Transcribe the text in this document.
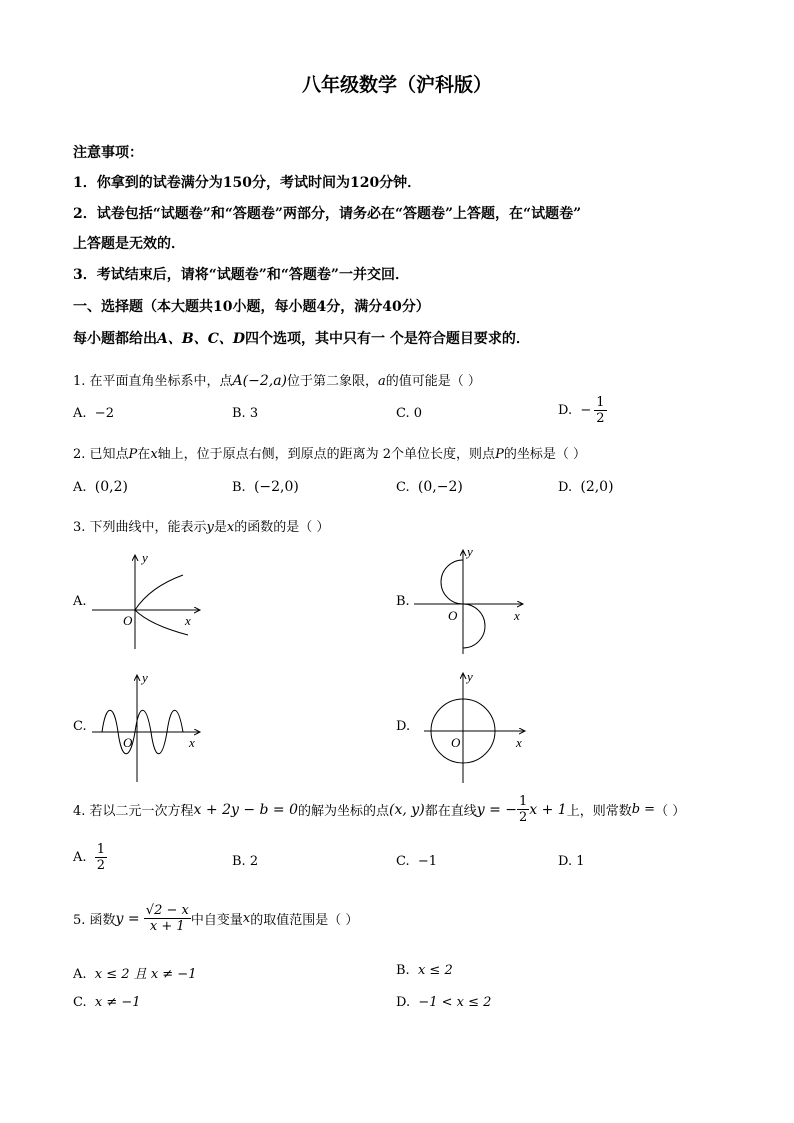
八年级数学（沪科版）
注意事项：
1．你拿到的试卷满分为150分，考试时间为120分钟．
2．试卷包括“试题卷”和“答题卷”两部分，请务必在“答题卷”上答题，在“试题卷”
上答题是无效的．
3．考试结束后，请将“试题卷”和“答题卷”一并交回．
一、选择题（本大题共10小题，每小题4分，满分40分）
每小题都给出A、B、C、D四个选项，其中只有一 个是符合题目要求的．
1. 在平面直角坐标系中，点A(−2,a)位于第二象限，a的值可能是（ ）
A. −2	B. 3	C. 0	D.
− $\frac{1}{2}$
2. 已知点P在x轴上，位于原点右侧，到原点的距离为 2个单位长度，则点P的坐标是（ ）
A. (0,2)	B. (−2,0)	C. (0,−2)	D. (2,0)
3. 下列曲线中，能表示y是x的函数的是（ ）
A.	B.
C.	D.
y
x
O
y
x
O
y
x
O
y
x
O
4. 若以二元一次方程 x + 2y − b = 0 的解为坐标的点 (x, y) 都在直线 y = − $\frac{1}{2}$ x + 1 上，则常数 b = （ ）
A.
$\frac{1}{2}$	B. 2	C. −1	D. 1
5. 函数 y =
$\frac{√2 - x}{x + 1}$ 中自变量 x 的取值范围是（ ）
A. x ≤ 2 且 x ≠ −1	B. x ≤ 2
C. x ≠ −1	D. −1 < x ≤ 2
